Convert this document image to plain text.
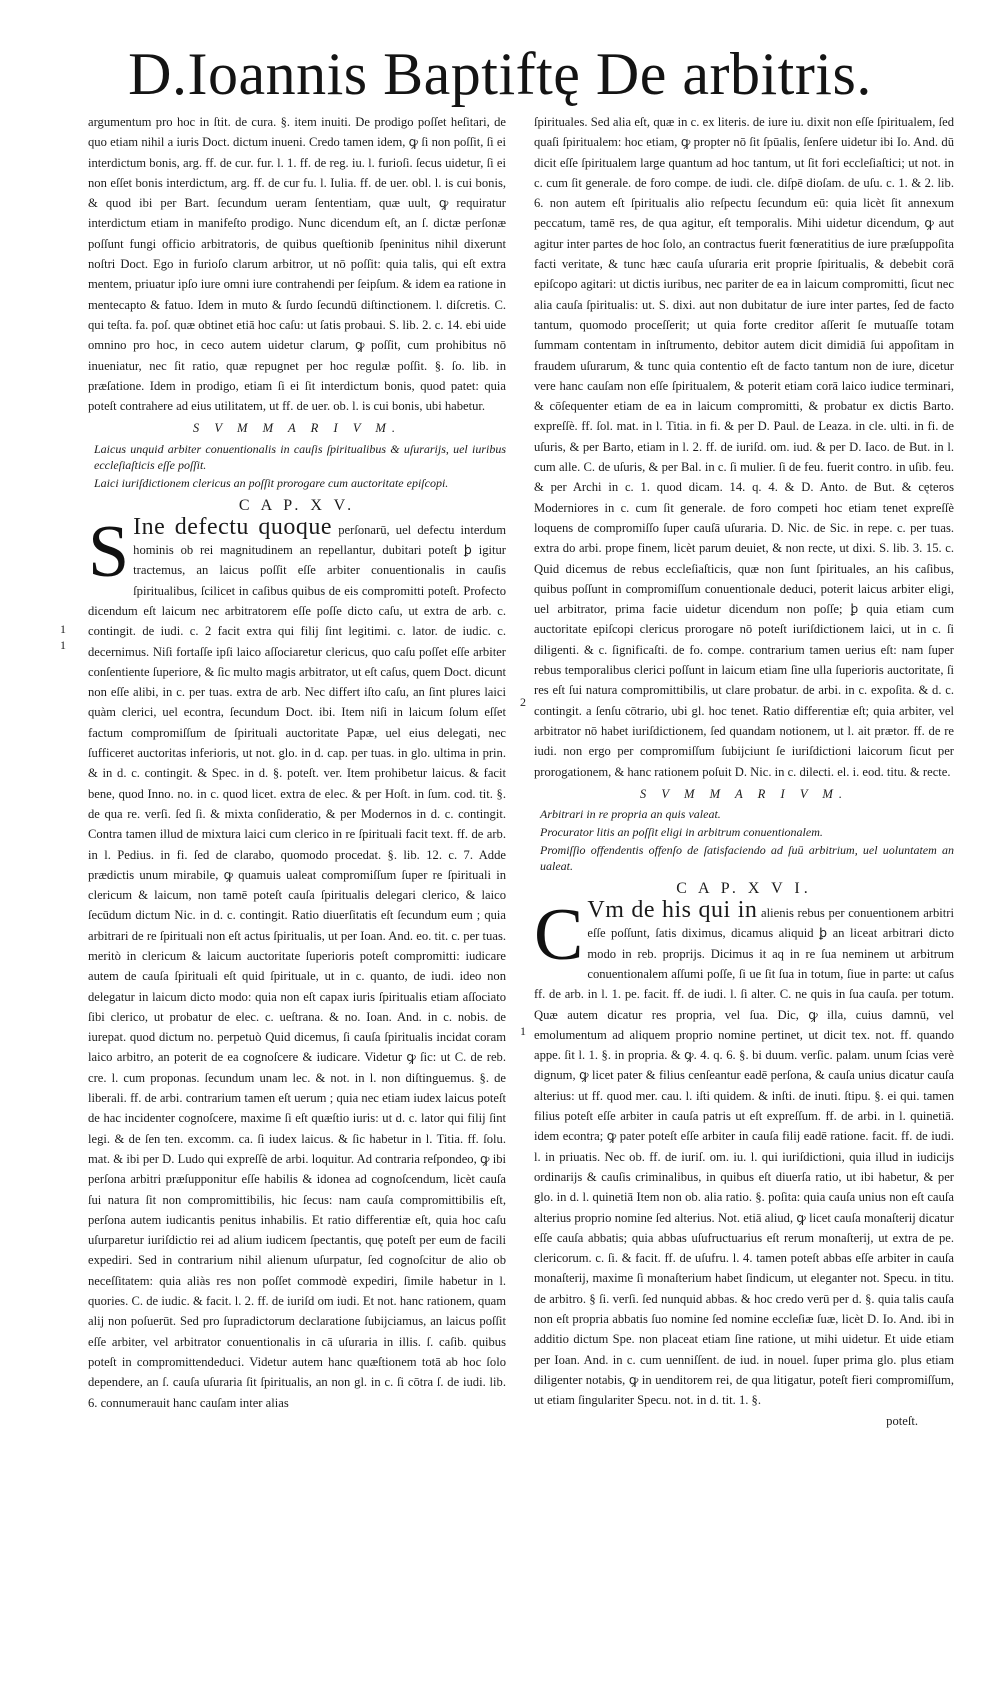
D.Ioannis Baptiftę De arbitris.

argumentum pro hoc in ſtit. de cura. §. item inuiti. De prodigo poſſet heſitari, de quo etiam nihil a iuris Doct. dictum inueni. Credo tamen idem, ꝙ ſi non poſſit, ſi ei interdictum bonis, arg. ff. de cur. fur. l. 1. ff. de reg. iu. l. furioſi. ſecus uidetur, ſi ei non eſſet bonis interdictum, arg. ff. de cur fu. l. Iulia. ff. de uer. obl. l. is cui bonis, & quod ibi per Bart. ſecundum ueram ſententiam, quæ uult, ꝙ requiratur interdictum etiam in manifeſto prodigo. Nunc dicendum eſt, an ſ. dictæ perſonæ poſſunt fungi officio arbitratoris, de quibus queſtionib ſpeninitus nihil dixerunt noſtri Doct. Ego in furioſo clarum arbitror, ut nō poſſit: quia talis, qui eſt extra mentem, priuatur ipſo iure omni iure contrahendi per ſeipſum. & idem ea ratione in mentecapto & fatuo. Idem in muto & ſurdo ſecundū diſtinctionem. l. diſcretis. C. qui teſta. fa. poſ. quæ obtinet etiā hoc caſu: ut ſatis probaui. S. lib. 2. c. 14. ebi uide omnino pro hoc, in ceco autem uidetur clarum, ꝙ poſſit, cum prohibitus nō inueniatur, nec ſit ratio, quæ repugnet per hoc regulæ poſſit. §. ſo. lib. in præſatione. Idem in prodigo, etiam ſi ei ſit interdictum bonis, quod patet: quia poteſt contrahere ad eius utilitatem, ut ff. de uer. ob. l. is cui bonis, ubi habetur.

S V M M A R I V M.
Laicus unquid arbiter conuentionalis in cauſis ſpiritualibus & uſurarijs, uel iuribus eccleſiaſticis eſſe poſſit.
Laici iuriſdictionem clericus an poſſit prorogare cum auctoritate epiſcopi.
C A P. X V.
S Ine defectu quoque perſonarū, uel defectu interdum hominis ob rei magnitudinem an repellantur, dubitari poteſt ꝧ igitur tractemus, an laicus poſſit eſſe arbiter conuentionalis in cauſis ſpiritualibus, ſcilicet in caſibus quibus de eis compromitti poteſt. Profecto dicendum eſt laicum nec arbitratorem eſſe poſſe dicto caſu, ut extra de arb. c. contingit. de iudi. c. 2 facit extra qui filij ſint legitimi. c. lator. de iudic. c. decernimus. Niſi fortaſſe ipſi laico aſſociaretur clericus, quo caſu poſſet eſſe arbiter conſentiente ſuperiore, & ſic multo magis arbitrator, ut eſt caſus, quem Doct. dicunt non eſſe alibi, in c. per tuas. extra de arb. Nec differt iſto caſu, an ſint plures laici quàm clerici, uel econtra, ſecundum Doct. ibi. Item niſi in laicum ſolum eſſet factum compromiſſum de ſpirituali auctoritate Papæ, uel eius delegati, nec ſufficeret auctoritas inferioris, ut not. glo. in d. cap. per tuas. in glo. ultima in prin. & in d. c. contingit. & Spec. in d. §. poteſt. ver. Item prohibetur laicus. & facit bene, quod Inno. no. in c. quod licet. extra de elec. & per Hoſt. in ſum. cod. tit. §. de qua re. verſi. ſed ſi. & mixta conſideratio, & per Modernos in d. c. contingit. Contra tamen illud de mixtura laici cum clerico in re ſpirituali facit text. ff. de arb. in l. Pedius. in fi. ſed de clarabo, quomodo procedat. §. lib. 12. c. 7. Adde prædictis unum mirabile, ꝙ quamuis ualeat compromiſſum ſuper re ſpirituali in clericum & laicum, non tamē poteſt cauſa ſpiritualis delegari clerico, & laico ſecūdum dictum Nic. in d. c. contingit. Ratio diuerſitatis eſt ſecundum eum ; quia arbitrari de re ſpirituali non eſt actus ſpiritualis, ut per Ioan. And. eo. tit. c. per tuas. meritò in clericum & laicum auctoritate ſuperioris poteſt compromitti: iudicare autem de cauſa ſpirituali eſt quid ſpirituale, ut in c. quanto, de iudi. ideo non delegatur in laicum dicto modo: quia non eſt capax iuris ſpiritualis etiam aſſociato ſibi clerico, ut probatur de elec. c. ueſtrana. & no. Ioan. And. in c. nobis. de iurepat. quod dictum no. perpetuò Quid dicemus, ſi cauſa ſpiritualis incidat coram laico arbitro, an poterit de ea cognoſcere & iudicare. Videtur ꝙ ſic: ut C. de reb. cre. l. cum proponas. ſecundum unam lec. & not. in l. non diſtinguemus. §. de liberali. ff. de arbi. contrarium tamen eſt uerum ; quia nec etiam iudex laicus poteſt de hac incidenter cognoſcere, maxime ſi eſt quæſtio iuris: ut d. c. lator qui filij ſint legi. & de ſen ten. excomm. ca. ſi iudex laicus. & ſic habetur in l. Titia. ff. ſolu. mat. & ibi per D. Ludo qui expreſſè de arbi. loquitur. Ad contraria reſpondeo, ꝙ ibi perſona arbitri præſupponitur eſſe habilis & idonea ad cognoſcendum, licèt cauſa ſui natura ſit non compromittibilis, hic ſecus: nam cauſa compromittibilis eſt, perſona autem iudicantis penitus inhabilis. Et ratio differentiæ eſt, quia hoc caſu uſurparetur iuriſdictio rei ad alium iudicem ſpectantis, quę poteſt per eum de facili expediri. Sed in contrarium nihil alienum uſurpatur, ſed cognoſcitur de alio ob neceſſitatem: quia aliàs res non poſſet commodè expediri, ſimile habetur in l. quories. C. de iudic. & facit. l. 2. ff. de iuriſd om iudi. Et not. hanc rationem, quam alij non poſuerūt. Sed pro ſupradictorum declaratione ſubijciamus, an laicus poſſit eſſe arbiter, vel arbitrator conuentionalis in cā uſuraria in illis. ſ. caſib. quibus poteſt in compromittendeduci. Videtur autem hanc quæſtionem totā ab hoc ſolo dependere, an ſ. cauſa uſuraria ſit ſpiritualis, an non gl. in c. ſi cōtra ſ. de iudi. lib. 6. connumerauit hanc cauſam inter alias

ſpirituales. Sed alia eſt, quæ in c. ex literis. de iure iu. dixit non eſſe ſpiritualem, ſed quaſi ſpiritualem: hoc etiam, ꝙ propter nō ſit ſpūalis, ſenſere uidetur ibi Io. And. dū dicit eſſe ſpiritualem large quantum ad hoc tantum, ut ſit fori eccleſiaſtici; ut not. in c. cum ſit generale. de foro compe. de iudi. cle. diſpē dioſam. de uſu. c. 1. & 2. lib. 6. non autem eſt ſpiritualis alio reſpectu ſecundum eū: quia licèt ſit annexum peccatum, tamē res, de qua agitur, eſt temporalis. Mihi uidetur dicendum, ꝙ aut agitur inter partes de hoc ſolo, an contractus fuerit fœneratitius de iure præſuppoſita facti veritate, & tunc hæc cauſa uſuraria erit proprie ſpiritualis, & debebit corā epiſcopo agitari: ut dictis iuribus, nec pariter de ea in laicum compromitti, ſicut nec alia cauſa ſpiritualis: ut. S. dixi. aut non dubitatur de iure inter partes, ſed de facto tantum, quomodo proceſſerit; ut quia forte creditor aſſerit ſe mutuaſſe totam ſummam contentam in inſtrumento, debitor autem dicit dimidiā ſui appoſitam in fraudem uſurarum, & tunc quia contentio eſt de facto tantum non de iure, dicetur vere hanc cauſam non eſſe ſpiritualem, & poterit etiam corā laico iudice terminari, & cōſequenter etiam de ea in laicum compromitti, & probatur ex dictis Barto. expreſſè. ff. ſol. mat. in l. Titia. in fi. & per D. Paul. de Leaza. in cle. ulti. in fi. de uſuris, & per Barto, etiam in l. 2. ff. de iuriſd. om. iud. & per D. Iaco. de But. in l. cum alle. C. de uſuris, & per Bal. in c. ſi mulier. ſi de feu. fuerit contro. in uſib. feu. & per Archi in c. 1. quod dicam. 14. q. 4. & D. Anto. de But. & cęteros Moderniores in c. cum ſit generale. de foro competi hoc etiam tenet expreſſè loquens de compromiſſo ſuper cauſā uſuraria. D. Nic. de Sic. in repe. c. per tuas. extra do arbi. prope finem, licèt parum deuiet, & non recte, ut dixi. S. lib. 3. 15. c. Quid dicemus de rebus eccleſiaſticis, quæ non ſunt ſpirituales, an his caſibus, quibus poſſunt in compromiſſum conuentionale deduci, poterit laicus arbiter eligi, uel arbitrator, prima facie uidetur dicendum non poſſe; ꝧ quia etiam cum auctoritate epiſcopi clericus prorogare nō poteſt iuriſdictionem laici, ut in c. ſi diligenti. & c. ſignificaſti. de fo. compe. contrarium tamen uerius eſt: nam ſuper rebus temporalibus clerici poſſunt in laicum etiam ſine ulla ſuperioris auctoritate, ſi res eſt ſui natura compromittibilis, ut clare probatur. de arbi. in c. expoſita. & d. c. contingit. a ſenſu cōtrario, ubi gl. hoc tenet. Ratio differentiæ eſt; quia arbiter, vel arbitrator nō habet iuriſdictionem, ſed quandam notionem, ut l. ait prætor. ff. de re iudi. non ergo per compromiſſum ſubijciunt ſe iuriſdictioni laicorum ſicut per prorogationem, & hanc rationem poſuit D. Nic. in c. dilecti. el. i. eod. titu. & recte.

S V M M A R I V M.
Arbitrari in re propria an quis valeat.
Procurator litis an poſſit eligi in arbitrum conuentionalem.
Promiſſio offendentis offenſo de ſatisfaciendo ad ſuū arbitrium, uel uoluntatem an ualeat.
C A P. X V I.
C Vm de his qui in alienis rebus per conuentionem arbitri eſſe poſſunt, ſatis diximus, dicamus aliquid ꝧ an liceat arbitrari dicto modo in reb. proprijs. Dicimus it aq in re ſua neminem ut arbitrum conuentionalem aſſumi poſſe, ſi ue ſit ſua in totum, ſiue in parte: ut caſus ff. de arb. in l. 1. pe. facit. ff. de iudi. l. ſi alter. C. ne quis in ſua cauſa. per totum. Quæ autem dicatur res propria, vel ſua. Dic, ꝙ illa, cuius damnū, vel emolumentum ad aliquem proprio nomine pertinet, ut dicit tex. not. ff. quando appe. ſit l. 1. §. in propria. & ꝙ. 4. q. 6. §. bi duum. verſic. palam. unum ſcias verè dignum, ꝙ licet pater & filius cenſeantur eadē perſona, & cauſa unius dicatur cauſa alterius: ut ff. quod mer. cau. l. iſti quidem. & inſti. de inuti. ſtipu. §. ei qui. tamen filius poteſt eſſe arbiter in cauſa patris ut eſt expreſſum. ff. de arbi. in l. quinetiā. idem econtra; ꝙ pater poteſt eſſe arbiter in cauſa filij eadē ratione. facit. ff. de iudi. l. in priuatis. Nec ob. ff. de iuriſ. om. iu. l. qui iuriſdictioni, quia illud in iudicijs ordinarijs & cauſis criminalibus, in quibus eſt diuerſa ratio, ut ibi habetur, & per glo. in d. l. quinetiā Item non ob. alia ratio. §. poſita: quia cauſa unius non eſt cauſa alterius proprio nomine ſed alterius. Not. etiā aliud, ꝙ licet cauſa monaſterij dicatur eſſe cauſa abbatis; quia abbas uſufructuarius eſt rerum monaſterij, ut extra de pe. clericorum. c. ſi. & facit. ff. de uſufru. l. 4. tamen poteſt abbas eſſe arbiter in cauſa monaſterij, maxime ſi monaſterium habet ſindicum, ut eleganter not. Specu. in titu. de arbitro. § ſi. verſi. ſed nunquid abbas. & hoc credo verū per d. §. quia talis cauſa non eſt propria abbatis ſuo nomine ſed nomine eccleſiæ ſuæ, licèt D. Io. And. ibi in additio dictum Spe. non placeat etiam ſine ratione, ut mihi uidetur. Et uide etiam per Ioan. And. in c. cum uenniſſent. de iud. in nouel. ſuper prima glo. plus etiam diligenter notabis, ꝙ in uenditorem rei, de qua litigatur, poteſt fieri compromiſſum, ut etiam ſingulariter Specu. not. in d. tit. 1. §.
poteſt.
1
1
2
1
